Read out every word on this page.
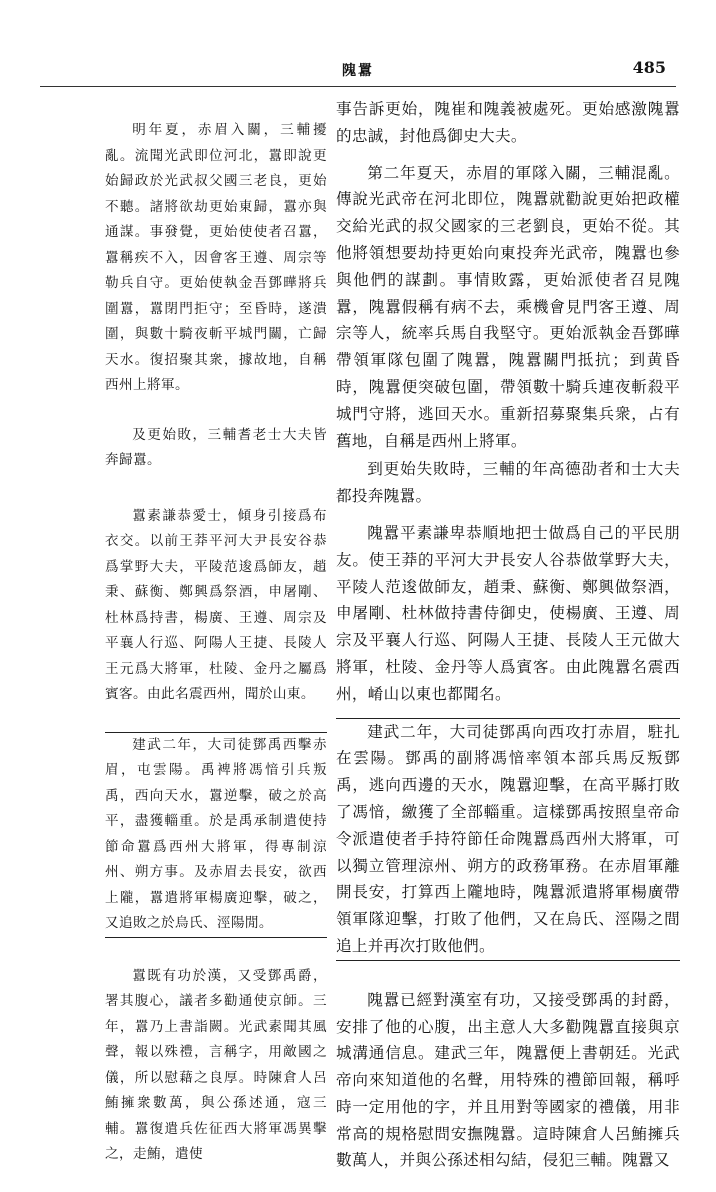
隗囂	485

明年夏，赤眉入關，三輔擾亂。流聞光武即位河北，囂即說更始歸政於光武叔父國三老良，更始不聽。諸將欲劫更始東歸，囂亦與通謀。事發覺，更始使使者召囂，囂稱疾不入，因會客王遵、周宗等勒兵自守。更始使執金吾鄧曄將兵圍囂，囂閉門拒守；至昏時，遂潰圍，與數十騎夜斬平城門關，亡歸天水。復招聚其衆，據故地，自稱西州上將軍。

及更始敗，三輔耆老士大夫皆奔歸囂。

囂素謙恭愛士，傾身引接爲布衣交。以前王莽平河大尹長安谷恭爲掌野大夫，平陵范逡爲師友，趙秉、蘇衡、鄭興爲祭酒，申屠剛、杜林爲持書，楊廣、王遵、周宗及平襄人行巡、阿陽人王捷、長陵人王元爲大將軍，杜陵、金丹之屬爲賓客。由此名震西州，聞於山東。

建武二年，大司徒鄧禹西擊赤眉，屯雲陽。禹裨將馮愔引兵叛禹，西向天水，囂逆擊，破之於高平，盡獲輜重。於是禹承制遣使持節命囂爲西州大將軍，得專制涼州、朔方事。及赤眉去長安，欲西上隴，囂遣將軍楊廣迎擊，破之，又追敗之於烏氏、涇陽閒。

囂既有功於漢，又受鄧禹爵，署其腹心，議者多勸通使京師。三年，囂乃上書詣闕。光武素聞其風聲，報以殊禮，言稱字，用敵國之儀，所以慰藉之良厚。時陳倉人呂鮪擁衆數萬，與公孫述通，寇三輔。囂復遣兵佐征西大將軍馮異擊之，走鮪，遣使

事告訴更始，隗崔和隗義被處死。更始感激隗囂的忠誠，封他爲御史大夫。

第二年夏天，赤眉的軍隊入關，三輔混亂。傳說光武帝在河北即位，隗囂就勸說更始把政權交給光武的叔父國家的三老劉良，更始不從。其他將領想要劫持更始向東投奔光武帝，隗囂也參與他們的謀劃。事情敗露，更始派使者召見隗囂，隗囂假稱有病不去，乘機會見門客王遵、周宗等人，統率兵馬自我堅守。更始派執金吾鄧曄帶領軍隊包圍了隗囂，隗囂關門抵抗；到黄昏時，隗囂便突破包圍，帶領數十騎兵連夜斬殺平城門守將，逃回天水。重新招募聚集兵衆，占有舊地，自稱是西州上將軍。

到更始失敗時，三輔的年高德劭者和士大夫都投奔隗囂。

隗囂平素謙卑恭順地把士做爲自己的平民朋友。使王莽的平河大尹長安人谷恭做掌野大夫，平陵人范逡做師友，趙秉、蘇衡、鄭興做祭酒，申屠剛、杜林做持書侍御史，使楊廣、王遵、周宗及平襄人行巡、阿陽人王捷、長陵人王元做大將軍，杜陵、金丹等人爲賓客。由此隗囂名震西州，崤山以東也都聞名。

建武二年，大司徒鄧禹向西攻打赤眉，駐扎在雲陽。鄧禹的副將馮愔率領本部兵馬反叛鄧禹，逃向西邊的天水，隗囂迎擊，在高平縣打敗了馮愔，繳獲了全部輜重。這樣鄧禹按照皇帝命令派遣使者手持符節任命隗囂爲西州大將軍，可以獨立管理涼州、朔方的政務軍務。在赤眉軍離開長安，打算西上隴地時，隗囂派遣將軍楊廣帶領軍隊迎擊，打敗了他們，又在烏氏、涇陽之間追上并再次打敗他們。

隗囂已經對漢室有功，又接受鄧禹的封爵，安排了他的心腹，出主意人大多勸隗囂直接與京城溝通信息。建武三年，隗囂便上書朝廷。光武帝向來知道他的名聲，用特殊的禮節回報，稱呼時一定用他的字，并且用對等國家的禮儀，用非常高的規格慰問安撫隗囂。這時陳倉人呂鮪擁兵數萬人，并與公孫述相勾結，侵犯三輔。隗囂又
